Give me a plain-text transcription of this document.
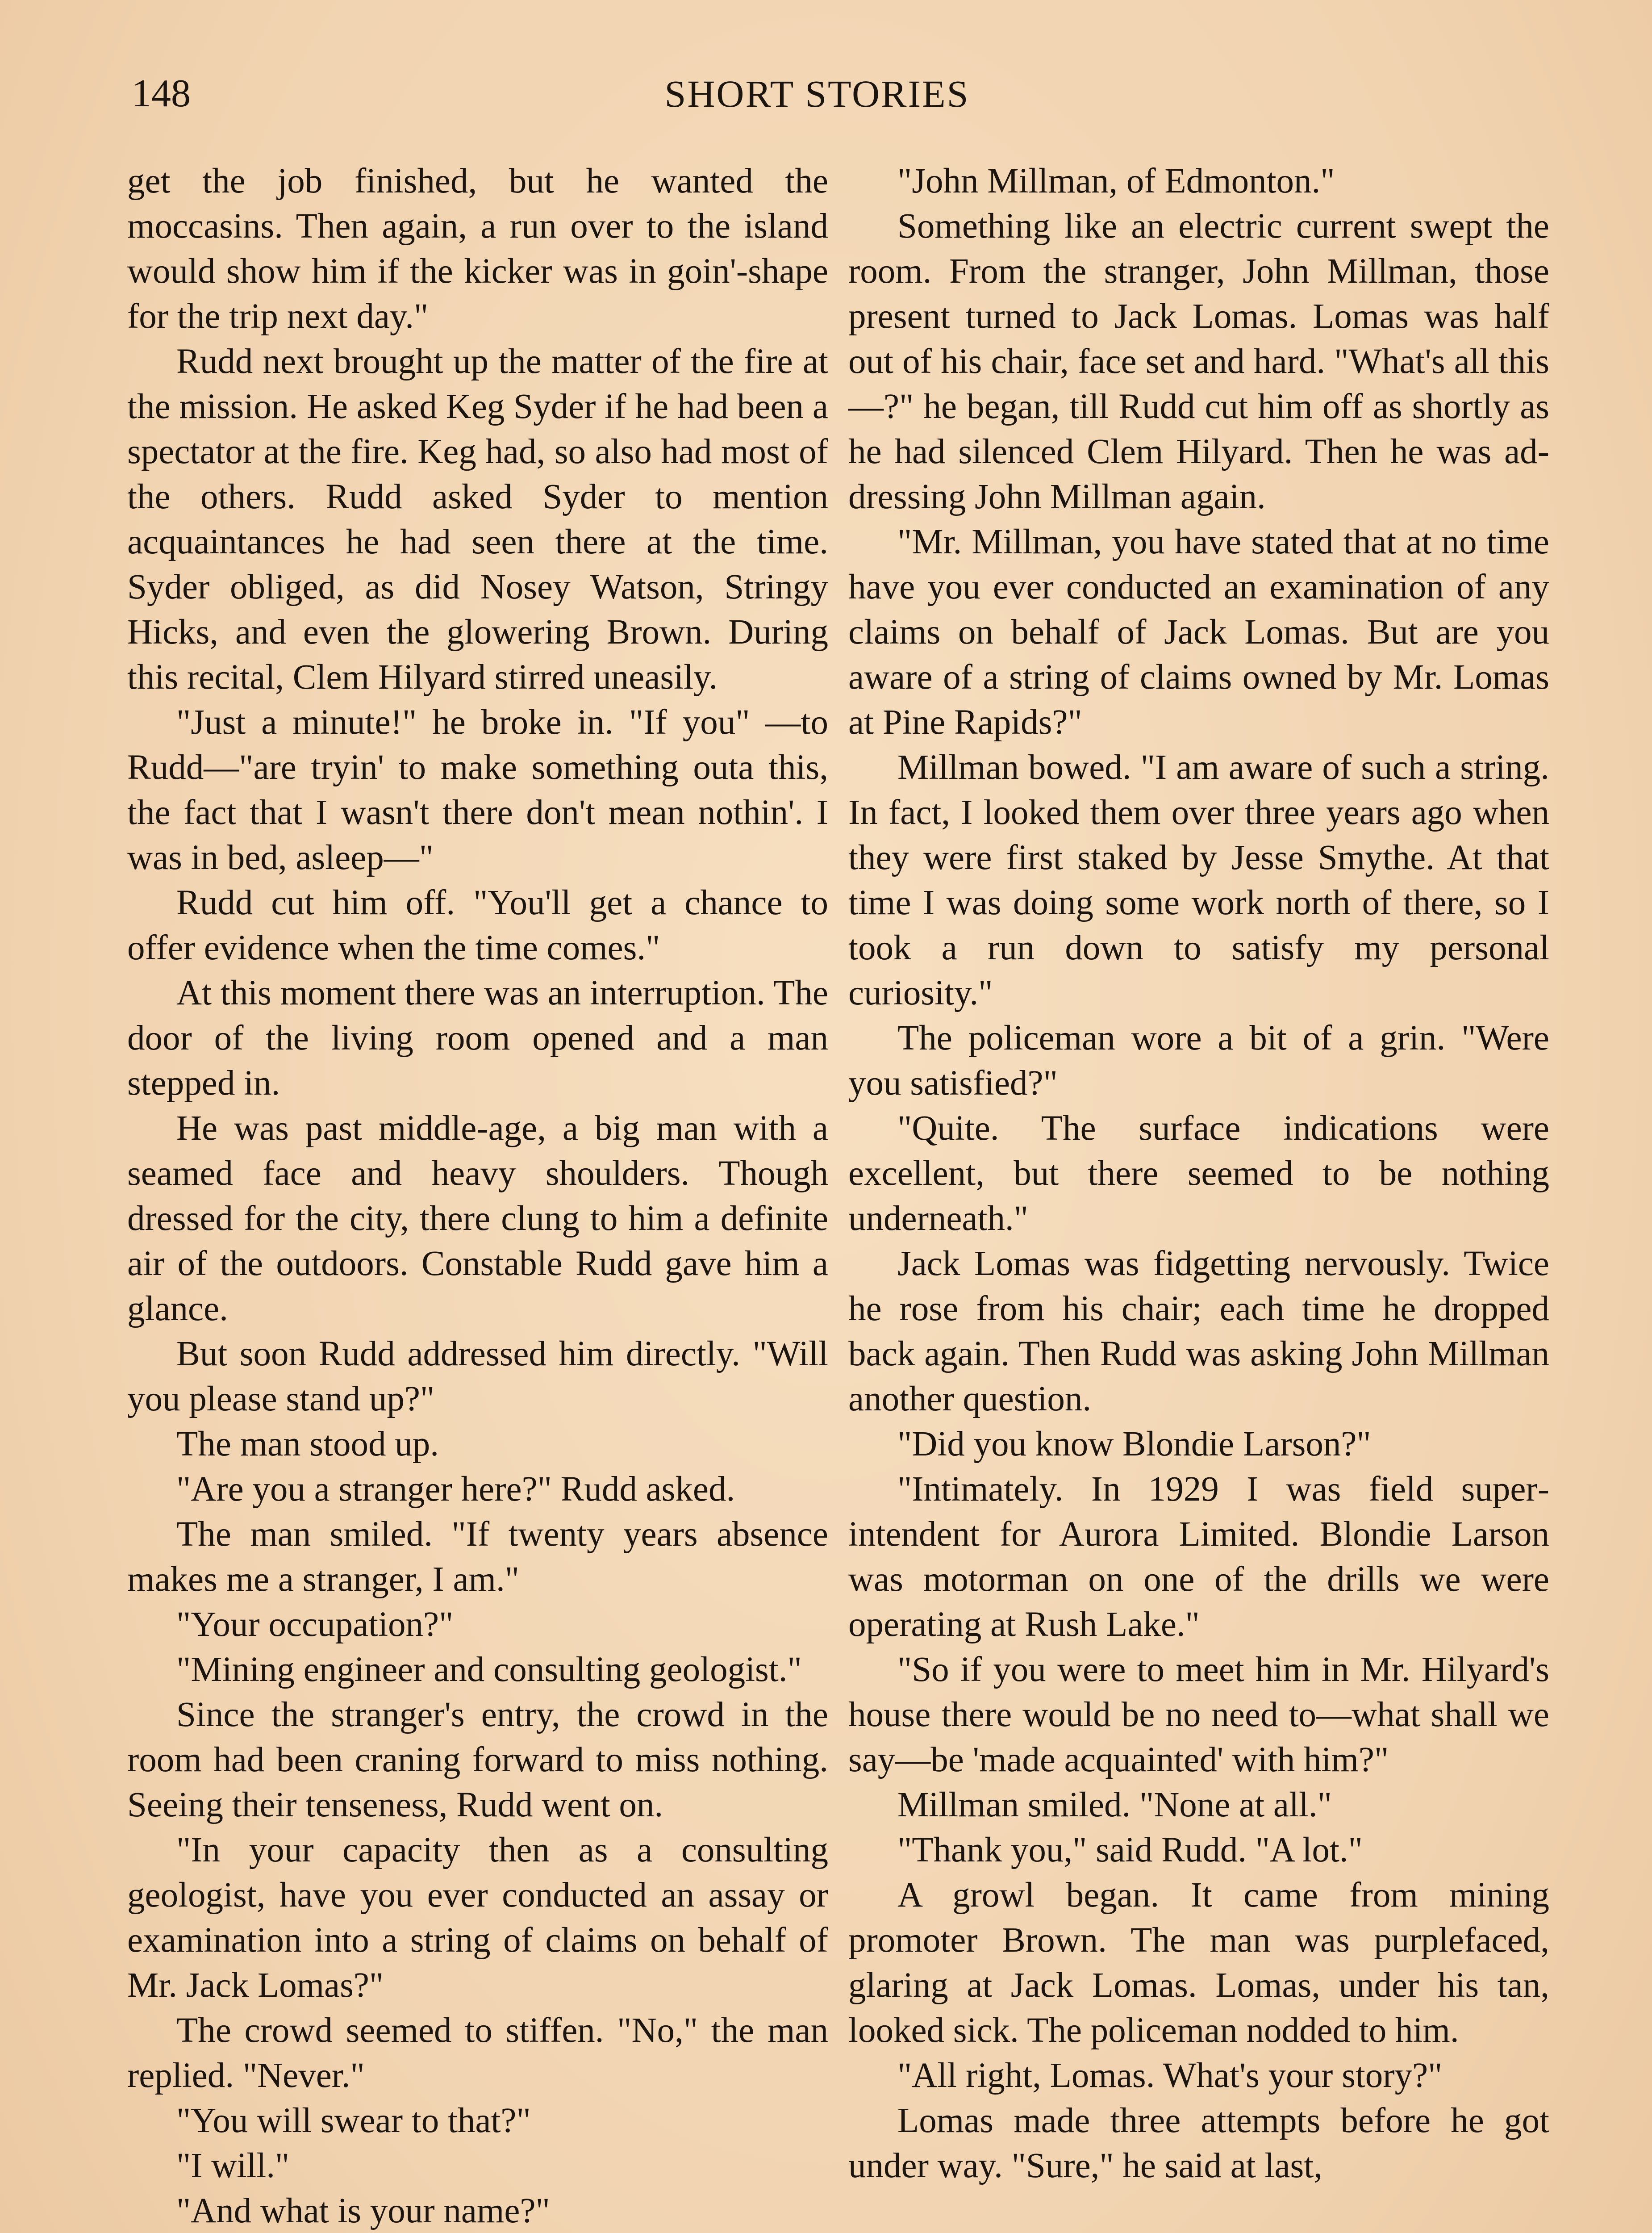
148	SHORT STORIES

get the job finished, but he wanted the moccasins. Then again, a run over to the island would show him if the kicker was in goin'-shape for the trip next day."

Rudd next brought up the matter of the fire at the mission. He asked Keg Syder if he had been a spectator at the fire. Keg had, so also had most of the others. Rudd asked Syder to mention acquaintances he had seen there at the time. Syder obliged, as did Nosey Watson, Stringy Hicks, and even the glowering Brown. During this recital, Clem Hilyard stirred uneasily.

"Just a minute!" he broke in. "If you" —to Rudd—"are tryin' to make something outa this, the fact that I wasn't there don't mean nothin'. I was in bed, asleep—"

Rudd cut him off. "You'll get a chance to offer evidence when the time comes."

At this moment there was an interruption. The door of the living room opened and a man stepped in.

He was past middle-age, a big man with a seamed face and heavy shoulders. Though dressed for the city, there clung to him a definite air of the outdoors. Constable Rudd gave him a glance.

But soon Rudd addressed him directly. "Will you please stand up?"

The man stood up.

"Are you a stranger here?" Rudd asked.

The man smiled. "If twenty years absence makes me a stranger, I am."

"Your occupation?"

"Mining engineer and consulting geologist."

Since the stranger's entry, the crowd in the room had been craning forward to miss nothing. Seeing their tenseness, Rudd went on.

"In your capacity then as a consulting geologist, have you ever conducted an assay or examination into a string of claims on behalf of Mr. Jack Lomas?"

The crowd seemed to stiffen. "No," the man replied. "Never."

"You will swear to that?"

"I will."

"And what is your name?"

"John Millman, of Edmonton."

Something like an electric current swept the room. From the stranger, John Millman, those present turned to Jack Lomas. Lomas was half out of his chair, face set and hard. "What's all this—?" he began, till Rudd cut him off as shortly as he had silenced Clem Hilyard. Then he was addressing John Millman again.

"Mr. Millman, you have stated that at no time have you ever conducted an examination of any claims on behalf of Jack Lomas. But are you aware of a string of claims owned by Mr. Lomas at Pine Rapids?"

Millman bowed. "I am aware of such a string. In fact, I looked them over three years ago when they were first staked by Jesse Smythe. At that time I was doing some work north of there, so I took a run down to satisfy my personal curiosity."

The policeman wore a bit of a grin. "Were you satisfied?"

"Quite. The surface indications were excellent, but there seemed to be nothing underneath."

Jack Lomas was fidgetting nervously. Twice he rose from his chair; each time he dropped back again. Then Rudd was asking John Millman another question.

"Did you know Blondie Larson?"

"Intimately. In 1929 I was field superintendent for Aurora Limited. Blondie Larson was motorman on one of the drills we were operating at Rush Lake."

"So if you were to meet him in Mr. Hilyard's house there would be no need to—what shall we say—be 'made acquainted' with him?"

Millman smiled. "None at all."

"Thank you," said Rudd. "A lot."

A growl began. It came from mining promoter Brown. The man was purplefaced, glaring at Jack Lomas. Lomas, under his tan, looked sick. The policeman nodded to him.

"All right, Lomas. What's your story?"

Lomas made three attempts before he got under way. "Sure," he said at last,
